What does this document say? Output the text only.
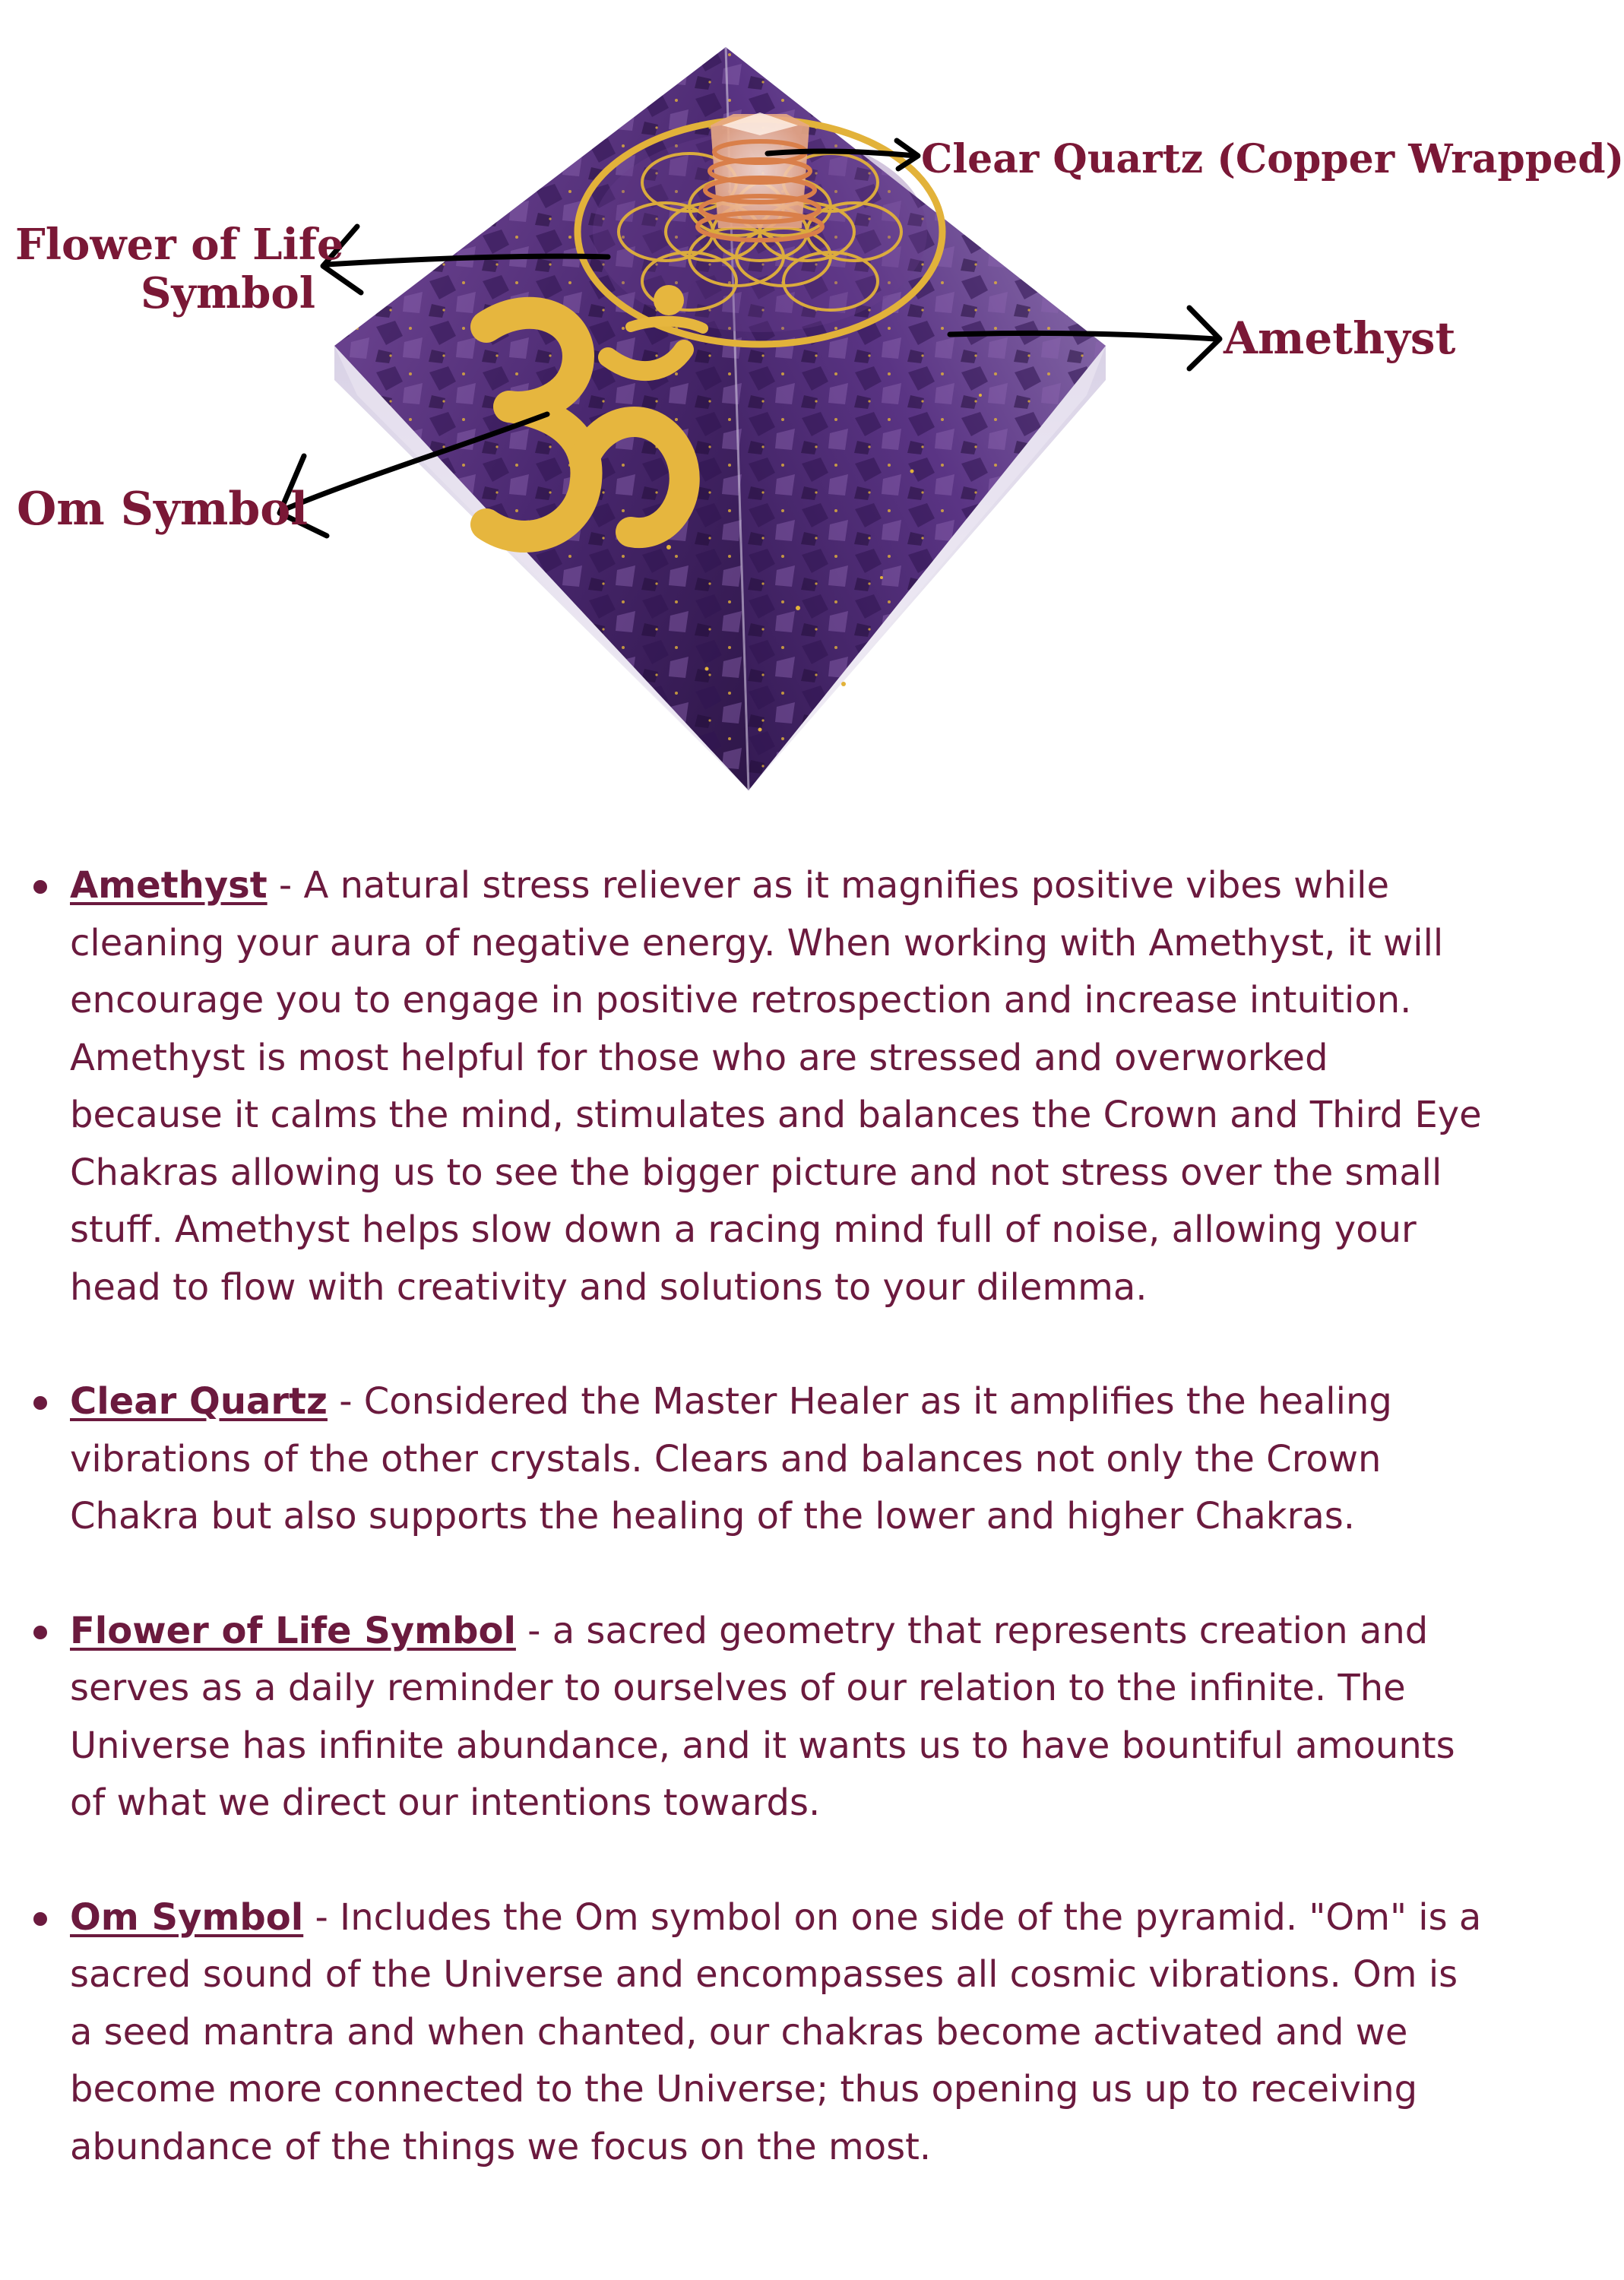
Clear Quartz (Copper Wrapped)
Flower of Life
Symbol
Amethyst
Om Symbol
Amethyst - A natural stress reliever as it magnifies positive vibes while cleaning your aura of negative energy. When working with Amethyst, it will encourage you to engage in positive retrospection and increase intuition. Amethyst is most helpful for those who are stressed and overworked because it calms the mind, stimulates and balances the Crown and Third Eye Chakras allowing us to see the bigger picture and not stress over the small stuff. Amethyst helps slow down a racing mind full of noise, allowing your head to flow with creativity and solutions to your dilemma.
Clear Quartz - Considered the Master Healer as it amplifies the healing vibrations of the other crystals. Clears and balances not only the Crown Chakra but also supports the healing of the lower and higher Chakras.
Flower of Life Symbol - a sacred geometry that represents creation and serves as a daily reminder to ourselves of our relation to the infinite. The Universe has infinite abundance, and it wants us to have bountiful amounts of what we direct our intentions towards.
Om Symbol - Includes the Om symbol on one side of the pyramid. "Om" is a sacred sound of the Universe and encompasses all cosmic vibrations. Om is a seed mantra and when chanted, our chakras become activated and we become more connected to the Universe; thus opening us up to receiving abundance of the things we focus on the most.
